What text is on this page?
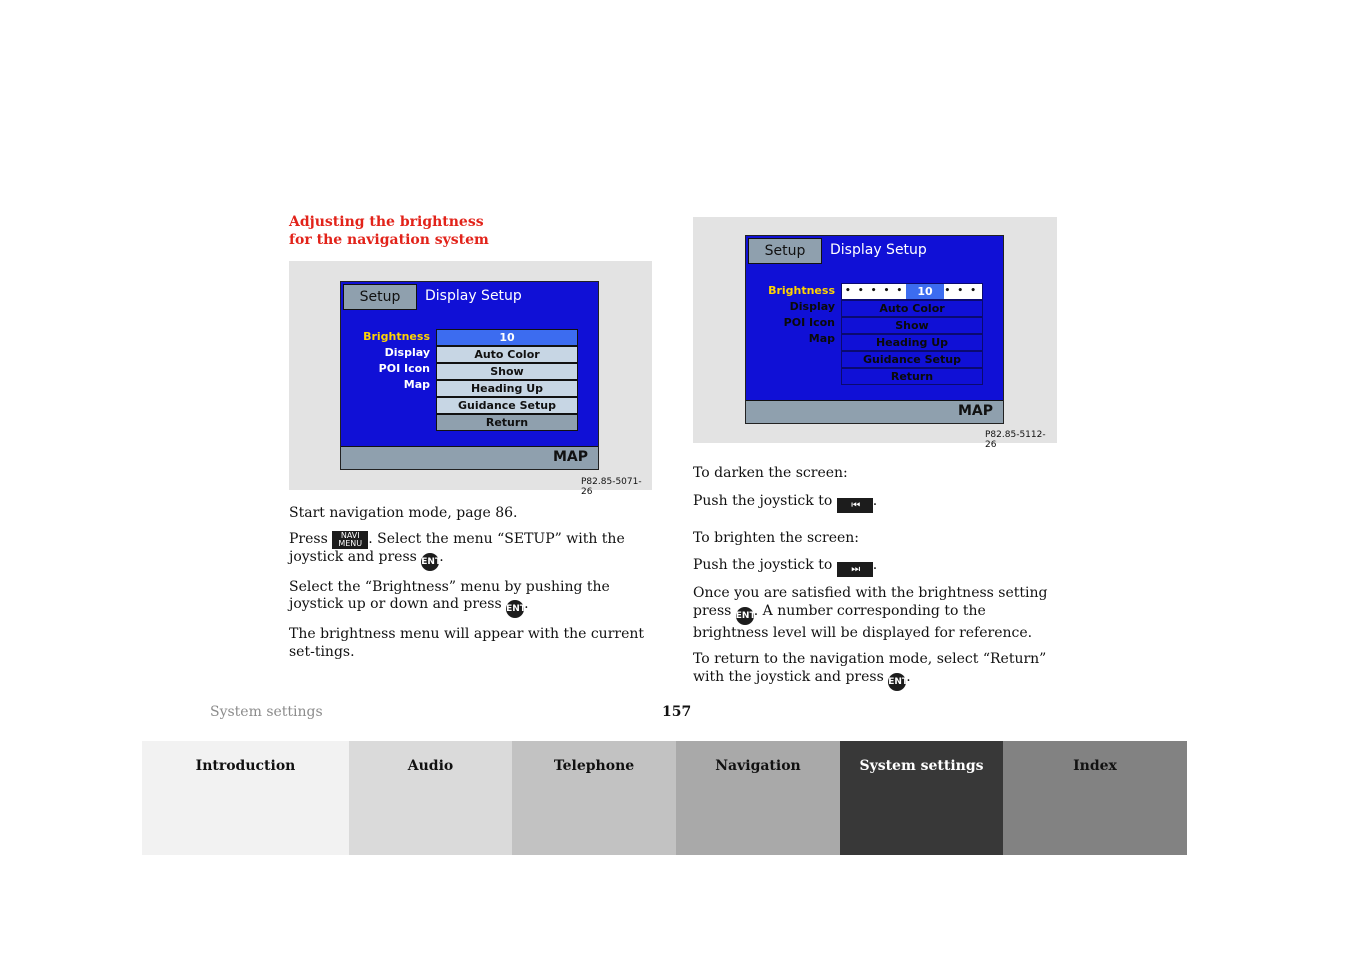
Adjusting the brightness
for the navigation system
Setup	Display Setup
Brightness
Display
POI Icon
Map
10
Auto Color
Show
Heading Up
Guidance Setup
Return
MAP
P82.85-5071-26
Setup	Display Setup
Brightness
Display
POI Icon
Map
• • • • •	10	• • •
Auto Color
Show
Heading Up
Guidance Setup
Return
MAP
P82.85-5112-26

Start navigation mode, page 86.

Press NAVI
MENU . Select the menu “SETUP” with the joystick and press ENT.

Select the “Brightness” menu by pushing the joystick up or down and press ENT.

The brightness menu will appear with the current set-tings.

To darken the screen:

Push the joystick to ⏮ .

To brighten the screen:

Push the joystick to ⏭ .

Once you are satisfied with the brightness setting press ENT. A number corresponding to the brightness level will be displayed for reference.

To return to the navigation mode, select “Return” with the joystick and press ENT.

System settings	157
Introduction	Audio	Telephone	Navigation	System settings	Index
